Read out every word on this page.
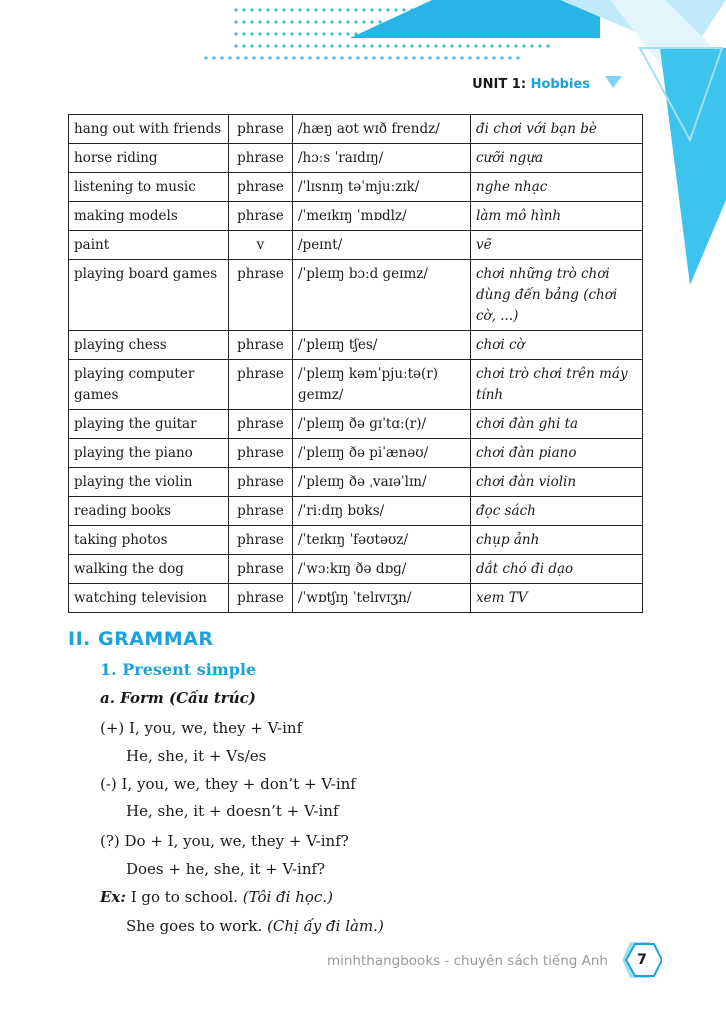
UNIT 1: Hobbies
hang out with friends	phrase	/hæŋ aʊt wɪð frendz/	đi chơi với bạn bè
horse riding	phrase	/hɔːs ˈraɪdɪŋ/	cưỡi ngựa
listening to music	phrase	/ˈlɪsnɪŋ təˈmjuːzɪk/	nghe nhạc
making models	phrase	/ˈmeɪkɪŋ ˈmɒdlz/	làm mô hình
paint	v	/peɪnt/	vẽ
playing board games	phrase	/ˈpleɪɪŋ bɔːd ɡeɪmz/	chơi những trò chơi dùng đến bảng (chơi cờ, ...)
playing chess	phrase	/ˈpleɪɪŋ tʃes/	chơi cờ
playing computer games	phrase	/ˈpleɪɪŋ kəmˈpjuːtə(r) ɡeɪmz/	chơi trò chơi trên máy tính
playing the guitar	phrase	/ˈpleɪɪŋ ðə ɡɪˈtɑː(r)/	chơi đàn ghi ta
playing the piano	phrase	/ˈpleɪɪŋ ðə piˈænəʊ/	chơi đàn piano
playing the violin	phrase	/ˈpleɪɪŋ ðə ˌvaɪəˈlɪn/	chơi đàn violin
reading books	phrase	/ˈriːdɪŋ bʊks/	đọc sách
taking photos	phrase	/ˈteɪkɪŋ ˈfəʊtəʊz/	chụp ảnh
walking the dog	phrase	/ˈwɔːkɪŋ ðə dɒɡ/	dắt chó đi dạo
watching television	phrase	/ˈwɒtʃɪŋ ˈtelɪvɪʒn/	xem TV
II. GRAMMAR
1. Present simple
a. Form (Cấu trúc)
(+) I, you, we, they + V-inf
He, she, it + Vs/es
(-) I, you, we, they + don’t + V-inf
He, she, it + doesn’t + V-inf
(?) Do + I, you, we, they + V-inf?
Does + he, she, it + V-inf?
Ex: I go to school. (Tôi đi học.)
She goes to work. (Chị ấy đi làm.)
minhthangbooks - chuyên sách tiếng Anh	7
